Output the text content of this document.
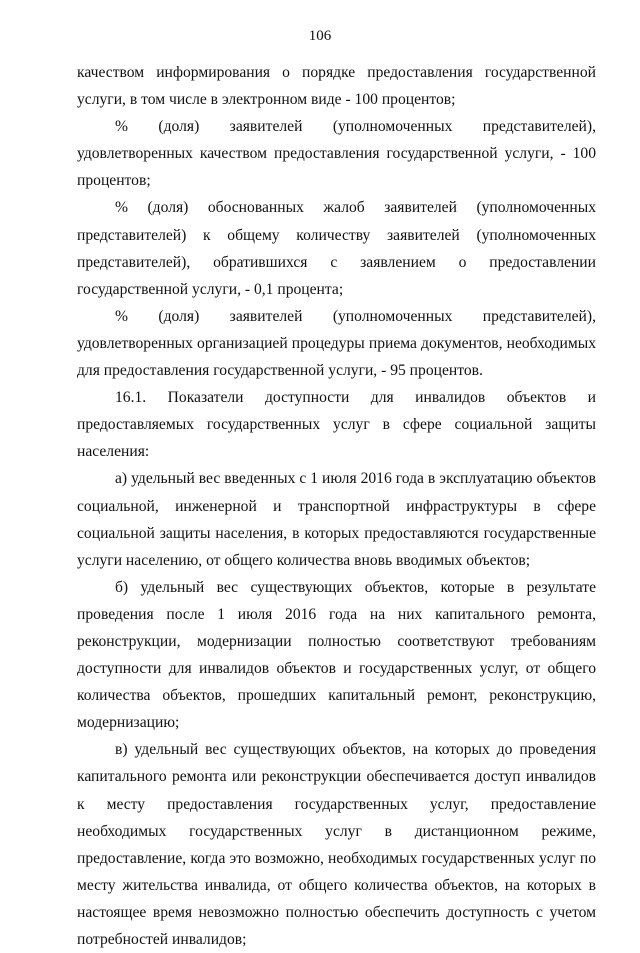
106

качеством информирования о порядке предоставления государственной услуги, в том числе в электронном виде - 100 процентов;

% (доля) заявителей (уполномоченных представителей), удовлетворенных качеством предоставления государственной услуги, - 100 процентов;

% (доля) обоснованных жалоб заявителей (уполномоченных представителей) к общему количеству заявителей (уполномоченных представителей), обратившихся с заявлением о предоставлении государственной услуги, - 0,1 процента;

% (доля) заявителей (уполномоченных представителей), удовлетворенных организацией процедуры приема документов, необходимых для предоставления государственной услуги, - 95 процентов.

16.1. Показатели доступности для инвалидов объектов и предоставляемых государственных услуг в сфере социальной защиты населения:

а) удельный вес введенных с 1 июля 2016 года в эксплуатацию объектов социальной, инженерной и транспортной инфраструктуры в сфере социальной защиты населения, в которых предоставляются государственные услуги населению, от общего количества вновь вводимых объектов;

б) удельный вес существующих объектов, которые в результате проведения после 1 июля 2016 года на них капитального ремонта, реконструкции, модернизации полностью соответствуют требованиям доступности для инвалидов объектов и государственных услуг, от общего количества объектов, прошедших капитальный ремонт, реконструкцию, модернизацию;

в) удельный вес существующих объектов, на которых до проведения капитального ремонта или реконструкции обеспечивается доступ инвалидов к месту предоставления государственных услуг, предоставление необходимых государственных услуг в дистанционном режиме, предоставление, когда это возможно, необходимых государственных услуг по месту жительства инвалида, от общего количества объектов, на которых в настоящее время невозможно полностью обеспечить доступность с учетом потребностей инвалидов;
